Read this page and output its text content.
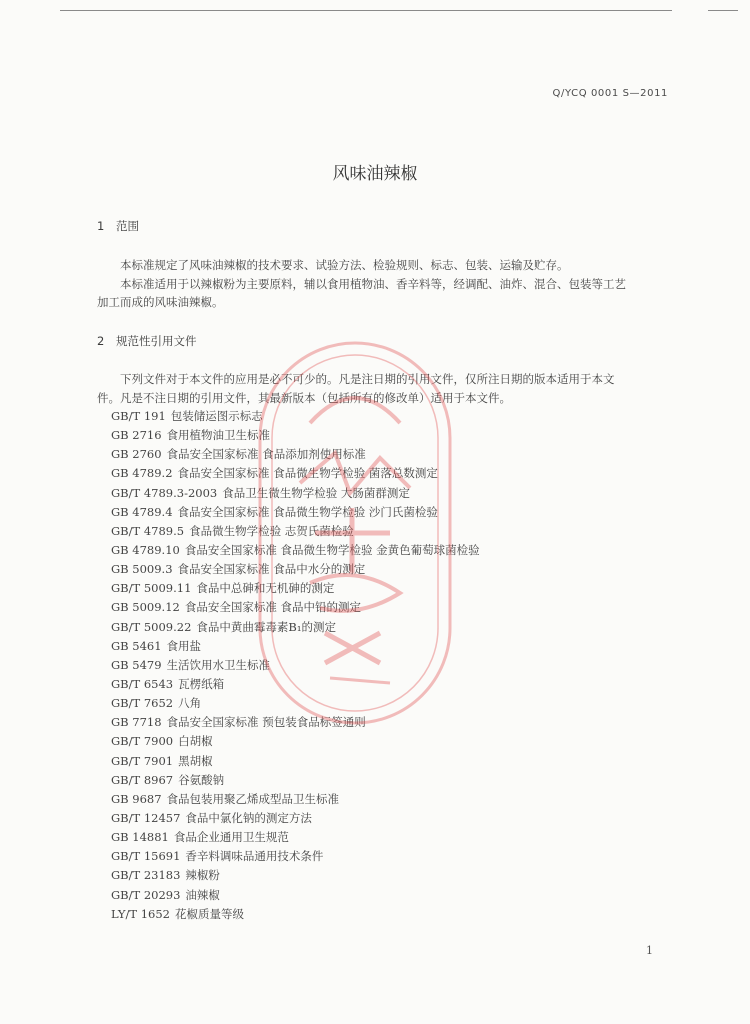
Q/YCQ 0001 S—2011
风味油辣椒
1 范围
本标准规定了风味油辣椒的技术要求、试验方法、检验规则、标志、包装、运输及贮存。
本标准适用于以辣椒粉为主要原料，辅以食用植物油、香辛料等，经调配、油炸、混合、包装等工艺
加工而成的风味油辣椒。
2 规范性引用文件
下列文件对于本文件的应用是必不可少的。凡是注日期的引用文件，仅所注日期的版本适用于本文
件。凡是不注日期的引用文件，其最新版本（包括所有的修改单）适用于本文件。
GB/T 191 包装储运图示标志
GB 2716 食用植物油卫生标准
GB 2760 食品安全国家标准 食品添加剂使用标准
GB 4789.2 食品安全国家标准 食品微生物学检验 菌落总数测定
GB/T 4789.3-2003 食品卫生微生物学检验 大肠菌群测定
GB 4789.4 食品安全国家标准 食品微生物学检验 沙门氏菌检验
GB/T 4789.5 食品微生物学检验 志贺氏菌检验
GB 4789.10 食品安全国家标准 食品微生物学检验 金黄色葡萄球菌检验
GB 5009.3 食品安全国家标准 食品中水分的测定
GB/T 5009.11 食品中总砷和无机砷的测定
GB 5009.12 食品安全国家标准 食品中铅的测定
GB/T 5009.22 食品中黄曲霉毒素B₁的测定
GB 5461 食用盐
GB 5479 生活饮用水卫生标准
GB/T 6543 瓦楞纸箱
GB/T 7652 八角
GB 7718 食品安全国家标准 预包装食品标签通则
GB/T 7900 白胡椒
GB/T 7901 黑胡椒
GB/T 8967 谷氨酸钠
GB 9687 食品包装用聚乙烯成型品卫生标准
GB/T 12457 食品中氯化钠的测定方法
GB 14881 食品企业通用卫生规范
GB/T 15691 香辛料调味品通用技术条件
GB/T 23183 辣椒粉
GB/T 20293 油辣椒
LY/T 1652 花椒质量等级
1
